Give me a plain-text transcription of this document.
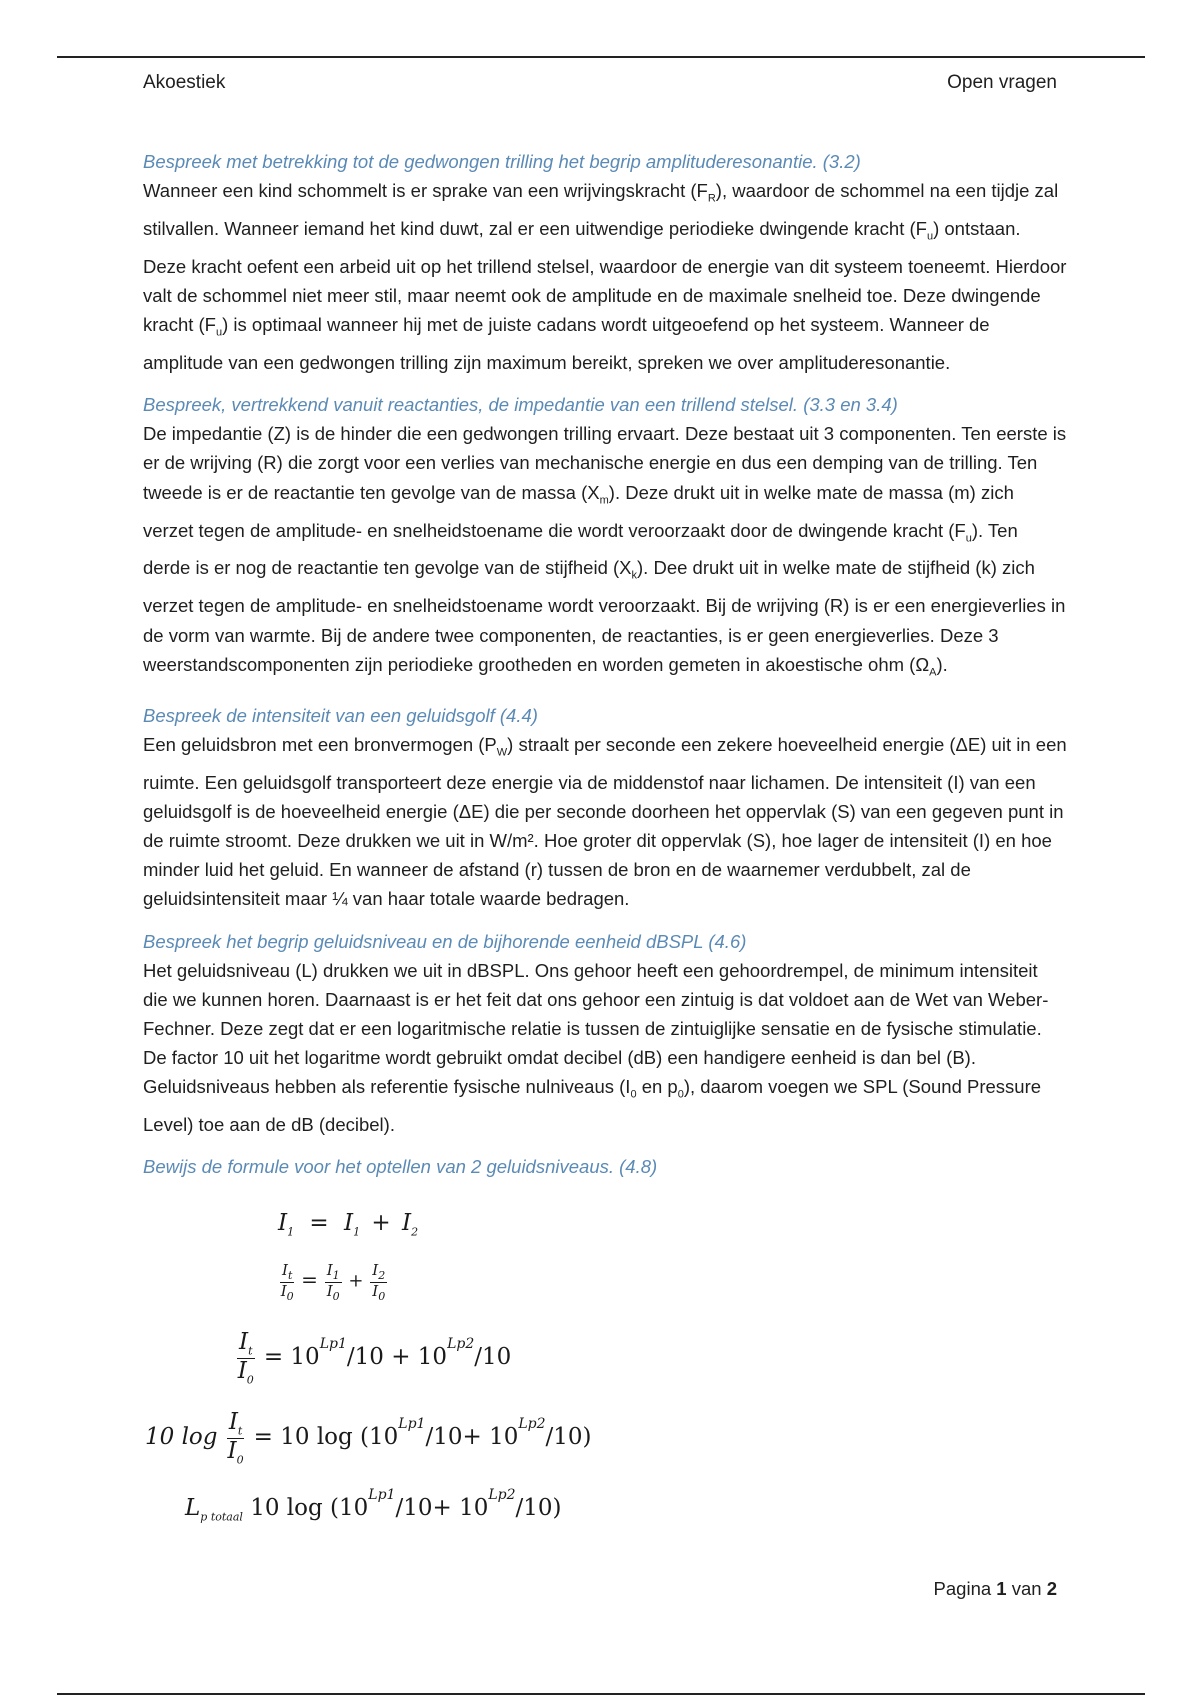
Akoestiek	Open vragen

Bespreek met betrekking tot de gedwongen trilling het begrip amplituderesonantie. (3.2)

Wanneer een kind schommelt is er sprake van een wrijvingskracht $(F_R)$, waardoor de schommel na een tijdje zal stilvallen. Wanneer iemand het kind duwt, zal er een uitwendige periodieke dwingende kracht $(F_u)$ ontstaan. Deze kracht oefent een arbeid uit op het trillend stelsel, waardoor de energie van dit systeem toeneemt. Hierdoor valt de schommel niet meer stil, maar neemt ook de amplitude en de maximale snelheid toe. Deze dwingende kracht $(F_u)$ is optimaal wanneer hij met de juiste cadans wordt uitgeoefend op het systeem. Wanneer de amplitude van een gedwongen trilling zijn maximum bereikt, spreken we over amplituderesonantie.

Bespreek, vertrekkend vanuit reactanties, de impedantie van een trillend stelsel. (3.3 en 3.4)

De impedantie (Z) is de hinder die een gedwongen trilling ervaart. Deze bestaat uit 3 componenten. Ten eerste is er de wrijving (R) die zorgt voor een verlies van mechanische energie en dus een demping van de trilling. Ten tweede is er de reactantie ten gevolge van de massa $(X_m)$. Deze drukt uit in welke mate de massa (m) zich verzet tegen de amplitude- en snelheidstoename die wordt veroorzaakt door de dwingende kracht $(F_u)$. Ten derde is er nog de reactantie ten gevolge van de stijfheid $(X_k)$. Dee drukt uit in welke mate de stijfheid (k) zich verzet tegen de amplitude- en snelheidstoename wordt veroorzaakt. Bij de wrijving (R) is er een energieverlies in de vorm van warmte. Bij de andere twee componenten, de reactanties, is er geen energieverlies. Deze 3 weerstandscomponenten zijn periodieke grootheden en worden gemeten in akoestische ohm $(\Omega_A)$.

Bespreek de intensiteit van een geluidsgolf (4.4)

Een geluidsbron met een bronvermogen $(P_W)$ straalt per seconde een zekere hoeveelheid energie (ΔE) uit in een ruimte. Een geluidsgolf transporteert deze energie via de middenstof naar lichamen. De intensiteit (I) van een geluidsgolf is de hoeveelheid energie (ΔE) die per seconde doorheen het oppervlak (S) van een gegeven punt in de ruimte stroomt. Deze drukken we uit in W/m². Hoe groter dit oppervlak (S), hoe lager de intensiteit (I) en hoe minder luid het geluid. En wanneer de afstand (r) tussen de bron en de waarnemer verdubbelt, zal de geluidsintensiteit maar ¼ van haar totale waarde bedragen.

Bespreek het begrip geluidsniveau en de bijhorende eenheid dBSPL (4.6)

Het geluidsniveau (L) drukken we uit in dBSPL. Ons gehoor heeft een gehoordrempel, de minimum intensiteit die we kunnen horen. Daarnaast is er het feit dat ons gehoor een zintuig is dat voldoet aan de Wet van Weber-Fechner. Deze zegt dat er een logaritmische relatie is tussen de zintuiglijke sensatie en de fysische stimulatie. De factor 10 uit het logaritme wordt gebruikt omdat decibel (dB) een handigere eenheid is dan bel (B). Geluidsniveaus hebben als referentie fysische nulniveaus ($I_0$ en $p_0$), daarom voegen we SPL (Sound Pressure Level) toe aan de dB (decibel).

Bewijs de formule voor het optellen van 2 geluidsniveaus. (4.8)

$I_1 = I_1 + I_2$
$\frac{I_t}{I_0} = \frac{I_1}{I_0} + \frac{I_2}{I_0}$
$\frac{I_t}{I_0} = 10^{Lp1}/10 + 10^{Lp2}/10$
10 $\log \frac{I_t}{I_0} = 10$ $\log (10^{Lp1}/10+ 10^{Lp2}/10)$
$L_{p totaal}$ 10 $\log (10^{Lp1}/10+ 10^{Lp2}/10)$
Pagina 1 van 2
